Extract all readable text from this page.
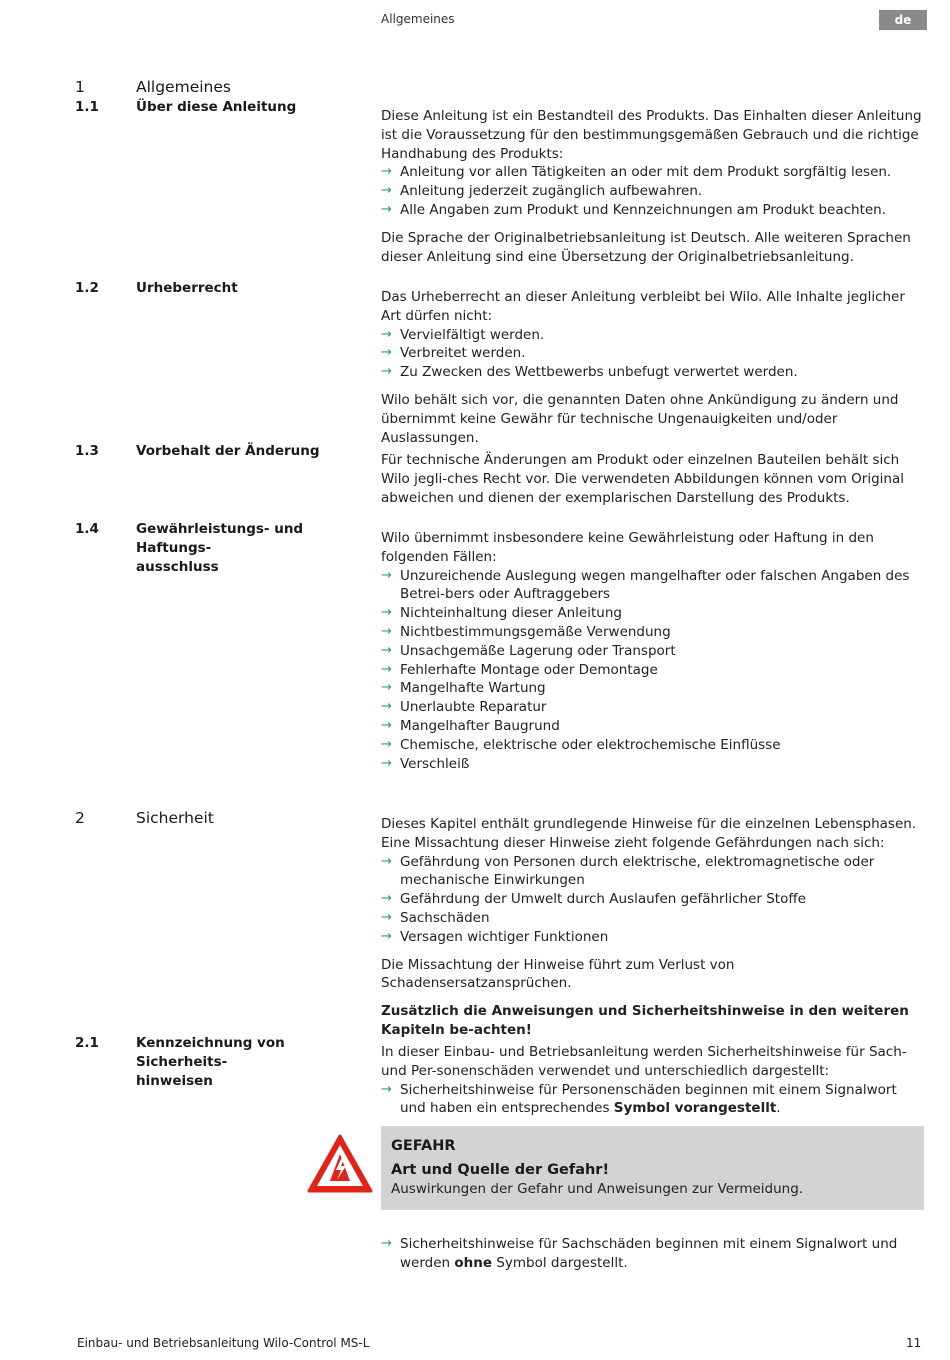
Allgemeines	de
1	Allgemeines
1.1	Über diese Anleitung

Diese Anleitung ist ein Bestandteil des Produkts. Das Einhalten dieser Anleitung ist die Voraussetzung für den bestimmungsgemäßen Gebrauch und die richtige Handhabung des Produkts:

→ Anleitung vor allen Tätigkeiten an oder mit dem Produkt sorgfältig lesen.
→ Anleitung jederzeit zugänglich aufbewahren.
→ Alle Angaben zum Produkt und Kennzeichnungen am Produkt beachten.

Die Sprache der Originalbetriebsanleitung ist Deutsch. Alle weiteren Sprachen dieser Anleitung sind eine Übersetzung der Originalbetriebsanleitung.

1.2	Urheberrecht

Das Urheberrecht an dieser Anleitung verbleibt bei Wilo. Alle Inhalte jeglicher Art dürfen nicht:

→ Vervielfältigt werden.
→ Verbreitet werden.
→ Zu Zwecken des Wettbewerbs unbefugt verwertet werden.

Wilo behält sich vor, die genannten Daten ohne Ankündigung zu ändern und übernimmt keine Gewähr für technische Ungenauigkeiten und/oder Auslassungen.

1.3	Vorbehalt der Änderung

Für technische Änderungen am Produkt oder einzelnen Bauteilen behält sich Wilo jegli-ches Recht vor. Die verwendeten Abbildungen können vom Original abweichen und dienen der exemplarischen Darstellung des Produkts.

1.4	Gewährleistungs- und Haftungs-
ausschluss

Wilo übernimmt insbesondere keine Gewährleistung oder Haftung in den folgenden Fällen:

→ Unzureichende Auslegung wegen mangelhafter oder falschen Angaben des Betrei-bers oder Auftraggebers
→ Nichteinhaltung dieser Anleitung
→ Nichtbestimmungsgemäße Verwendung
→ Unsachgemäße Lagerung oder Transport
→ Fehlerhafte Montage oder Demontage
→ Mangelhafte Wartung
→ Unerlaubte Reparatur
→ Mangelhafter Baugrund
→ Chemische, elektrische oder elektrochemische Einflüsse
→ Verschleiß
2	Sicherheit	Dieses Kapitel enthält grundlegende Hinweise für die einzelnen Lebensphasen. Eine Missachtung dieser Hinweise zieht folgende Gefährdungen nach sich:

→ Gefährdung von Personen durch elektrische, elektromagnetische oder mechanische Einwirkungen
→ Gefährdung der Umwelt durch Auslaufen gefährlicher Stoffe
→ Sachschäden
→ Versagen wichtiger Funktionen

Die Missachtung der Hinweise führt zum Verlust von Schadensersatzansprüchen.

Zusätzlich die Anweisungen und Sicherheitshinweise in den weiteren Kapiteln be-achten!

2.1	Kennzeichnung von Sicherheits-
hinweisen

In dieser Einbau- und Betriebsanleitung werden Sicherheitshinweise für Sach- und Per-sonenschäden verwendet und unterschiedlich dargestellt:

→ Sicherheitshinweise für Personenschäden beginnen mit einem Signalwort und haben ein entsprechendes Symbol vorangestellt.
GEFAHR
Art und Quelle der Gefahr!
Auswirkungen der Gefahr und Anweisungen zur Vermeidung.
→ Sicherheitshinweise für Sachschäden beginnen mit einem Signalwort und werden ohne Symbol dargestellt.
Einbau- und Betriebsanleitung Wilo-Control MS-L	11
